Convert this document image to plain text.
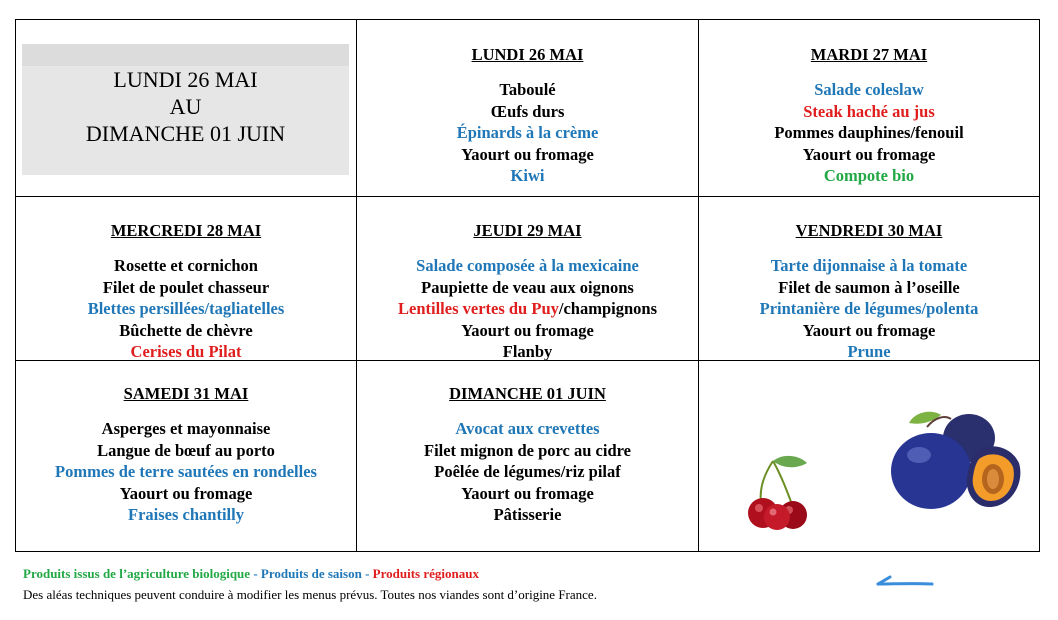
LUNDI 26 MAI
AU
DIMANCHE 01 JUIN
LUNDI 26 MAI
Taboulé
Œufs durs
Épinards à la crème
Yaourt ou fromage
Kiwi
MARDI 27 MAI
Salade coleslaw
Steak haché au jus
Pommes dauphines/fenouil
Yaourt ou fromage
Compote bio
MERCREDI 28 MAI
Rosette et cornichon
Filet de poulet chasseur
Blettes persillées/tagliatelles
Bûchette de chèvre
Cerises du Pilat
JEUDI 29 MAI
Salade composée à la mexicaine
Paupiette de veau aux oignons
Lentilles vertes du Puy/champignons
Yaourt ou fromage
Flanby
VENDREDI 30 MAI
Tarte dijonnaise à la tomate
Filet de saumon à l’oseille
Printanière de légumes/polenta
Yaourt ou fromage
Prune
SAMEDI 31 MAI
Asperges et mayonnaise
Langue de bœuf au porto
Pommes de terre sautées en rondelles
Yaourt ou fromage
Fraises chantilly
DIMANCHE 01 JUIN
Avocat aux crevettes
Filet mignon de porc au cidre
Poêlée de légumes/riz pilaf
Yaourt ou fromage
Pâtisserie
Produits issus de l’agriculture biologique - Produits de saison - Produits régionaux
Des aléas techniques peuvent conduire à modifier les menus prévus. Toutes nos viandes sont d’origine France.
